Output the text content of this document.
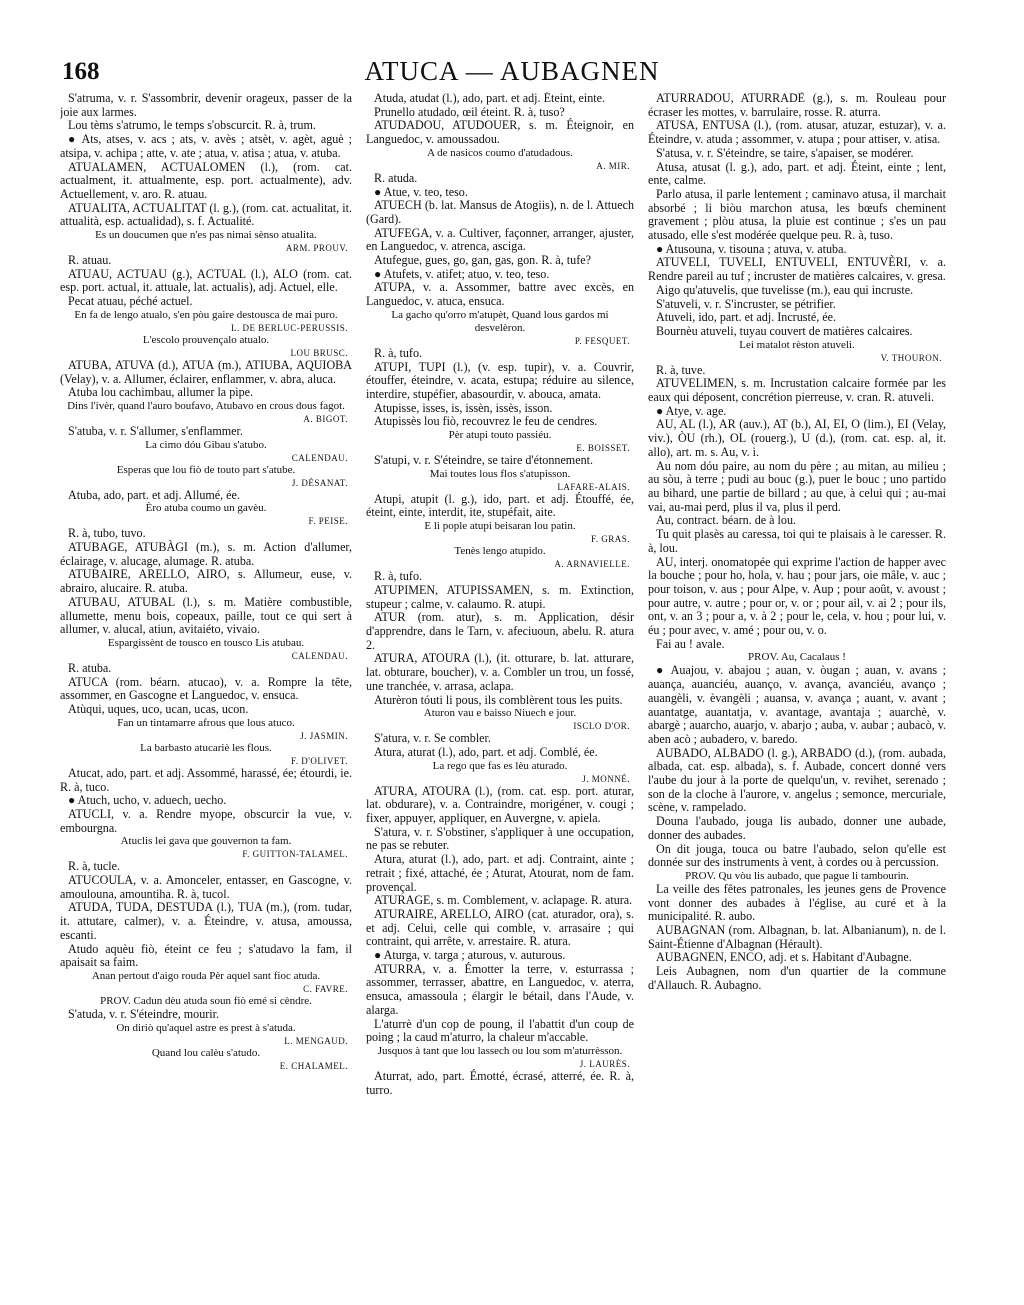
168	ATUCA — AUBAGNEN
S'atruma, v. r. S'assombrir, devenir orageux, passer de la joie aux larmes.
Lou tèms s'atrumo, le temps s'obscurcit. R. à, trum.
● Ats, atses, v. acs ; ats, v. avès ; atsèt, v. agèt, aguè ; atsipa, v. achipa ; atte, v. ate ; atua, v. atisa ; atua, v. atuba.
ATUALAMEN, ACTUALOMEN (l.), (rom. cat. actualment, it. attualmente, esp. port. actualmente), adv. Actuellement, v. aro. R. atuau.
ATUALITA, ACTUALITAT (l. g.), (rom. cat. actualitat, it. attualità, esp. actualidad), s. f. Actualité.
Es un doucumen que n'es pas nimai sènso atualita.
ARM. PROUV.
R. atuau.
ATUAU, ACTUAU (g.), ACTUAL (l.), ALO (rom. cat. esp. port. actual, it. attuale, lat. actualis), adj. Actuel, elle.
Pecat atuau, péché actuel.
En fa de lengo atualo, s'en pòu gaire destousca de mai puro.
L. DE BERLUC-PERUSSIS.
L'escolo prouvençalo atualo.
LOU BRUSC.
ATUBA, ATUVA (d.), ATUA (m.), ATIUBA, AQUIOBA (Velay), v. a. Allumer, éclairer, enflammer, v. abra, aluca.
Atuba lou cachimbau, allumer la pipe.
Dins l'ivèr, quand l'auro boufavo, Atubavo en crous dous fagot.
A. BIGOT.
S'atuba, v. r. S'allumer, s'enflammer.
La cimo dóu Gibau s'atubo.
CALENDAU.
Esperas que lou fiò de touto part s'atube.
J. DÉSANAT.
Atuba, ado, part. et adj. Allumé, ée.
Èro atuba coumo un gavèu.
F. PEISE.
R. à, tubo, tuvo.
ATUBAGE, ATUBÀGI (m.), s. m. Action d'allumer, éclairage, v. alucage, alumage. R. atuba.
ATUBAIRE, ARELLO, AIRO, s. Allumeur, euse, v. abrairo, alucaire. R. atuba.
ATUBAU, ATUBAL (l.), s. m. Matière combustible, allumette, menu bois, copeaux, paille, tout ce qui sert à allumer, v. alucal, atiun, avitaiéto, vivaio.
Espargissènt de tousco en tousco Lis atubau.
CALENDAU.
R. atuba.
ATUCA (rom. béarn. atucao), v. a. Rompre la tête, assommer, en Gascogne et Languedoc, v. ensuca.
Atùqui, uques, uco, ucan, ucas, ucon.
Fan un tintamarre afrous que lous atuco.
J. JASMIN.
La barbasto atucariè les flous.
F. D'OLIVET.
Atucat, ado, part. et adj. Assommé, harassé, ée; étourdi, ie. R. à, tuco.
● Atuch, ucho, v. aduech, uecho.
ATUCLI, v. a. Rendre myope, obscurcir la vue, v. embourgna.
Atuclis lei gava que gouvernon ta fam.
F. GUITTON-TALAMEL.
R. à, tucle.
ATUCOULA, v. a. Amonceler, entasser, en Gascogne, v. amoulouna, amountiha. R. à, tucol.
ATUDA, TUDA, DESTUDA (l.), TUA (m.), (rom. tudar, it. attutare, calmer), v. a. Éteindre, v. atusa, amoussa, escanti.
Atudo aquèu fiò, éteint ce feu ; s'atudavo la fam, il apaisait sa faim.
Anan pertout d'aigo rouda Pèr aquel sant fioc atuda.
C. FAVRE.
PROV. Cadun dèu atuda soun fiò emé si cèndre.
S'atuda, v. r. S'éteindre, mourir.
On diriò qu'aquel astre es prest à s'atuda.
L. MENGAUD.
Quand lou calèu s'atudo.
E. CHALAMEL.
Atuda, atudat (l.), ado, part. et adj. Éteint, einte.
Prunello atudado, œil éteint. R. à, tuso?
ATUDADOU, ATUDOUER, s. m. Éteignoir, en Languedoc, v. amoussadou.
A de nasicos coumo d'atudadous.
A. MIR.
R. atuda.
● Atue, v. teo, teso.
ATUECH (b. lat. Mansus de Atogiis), n. de l. Attuech (Gard).
ATUFEGA, v. a. Cultiver, façonner, arranger, ajuster, en Languedoc, v. atrenca, asciga.
Atufegue, gues, go, gan, gas, gon. R. à, tufe?
● Atufets, v. atifet; atuo, v. teo, teso.
ATUPA, v. a. Assommer, battre avec excès, en Languedoc, v. atuca, ensuca.
La gacho qu'orro m'atupèt, Quand lous gardos mi desvelèron.
P. FESQUET.
R. à, tufo.
ATUPI, TUPI (l.), (v. esp. tupir), v. a. Couvrir, étouffer, éteindre, v. acata, estupa; réduire au silence, interdire, stupéfier, abasourdir, v. abouca, amata.
Atupisse, isses, is, issèn, issès, isson.
Atupissès lou fiò, recouvrez le feu de cendres.
Pèr atupi touto passiéu.
E. BOISSET.
S'atupi, v. r. S'éteindre, se taire d'étonnement.
Mai toutes lous flos s'atupisson.
LAFARE-ALAIS.
Atupi, atupit (l. g.), ido, part. et adj. Étouffé, ée, éteint, einte, interdit, ite, stupéfait, aite.
E li pople atupi beisaran lou patin.
F. GRAS.
Tenès lengo atupido.
A. ARNAVIELLE.
R. à, tufo.
ATUPIMEN, ATUPISSAMEN, s. m. Extinction, stupeur ; calme, v. calaumo. R. atupi.
ATUR (rom. atur), s. m. Application, désir d'apprendre, dans le Tarn, v. afeciuoun, abelu. R. atura 2.
ATURA, ATOURA (l.), (it. otturare, b. lat. atturare, lat. obturare, boucher), v. a. Combler un trou, un fossé, une tranchée, v. arrasa, aclapa.
Aturèron tóuti li pous, ils comblèrent tous les puits.
Aturon vau e baisso Niuech e jour.
ISCLO D'OR.
S'atura, v. r. Se combler.
Atura, aturat (l.), ado, part. et adj. Comblé, ée.
La rego que fas es lèu aturado.
J. MONNÉ.
ATURA, ATOURA (l.), (rom. cat. esp. port. aturar, lat. obdurare), v. a. Contraindre, morigéner, v. cougi ; fixer, appuyer, appliquer, en Auvergne, v. apiela.
S'atura, v. r. S'obstiner, s'appliquer à une occupation, ne pas se rebuter.
Atura, aturat (l.), ado, part. et adj. Contraint, ainte ; retrait ; fixé, attaché, ée ; Aturat, Atourat, nom de fam. provençal.
ATURAGE, s. m. Comblement, v. aclapage. R. atura.
ATURAIRE, ARELLO, AIRO (cat. aturador, ora), s. et adj. Celui, celle qui comble, v. arrasaire ; qui contraint, qui arrête, v. arrestaire. R. atura.
● Aturga, v. targa ; aturous, v. auturous.
ATURRA, v. a. Émotter la terre, v. esturrassa ; assommer, terrasser, abattre, en Languedoc, v. aterra, ensuca, amassoula ; élargir le bétail, dans l'Aude, v. alarga.
L'aturrè d'un cop de poung, il l'abattit d'un coup de poing ; la caud m'aturro, la chaleur m'accable.
Jusquos à tant que lou lassech ou lou som m'aturrèsson.
J. LAURÈS.
Aturrat, ado, part. Émotté, écrasé, atterré, ée. R. à, turro.
ATURRADOU, ATURRADÈ (g.), s. m. Rouleau pour écraser les mottes, v. barrulaire, rosse. R. aturra.
ATUSA, ENTUSA (l.), (rom. atusar, atuzar, estuzar), v. a. Éteindre, v. atuda ; assommer, v. atupa ; pour attiser, v. atisa.
S'atusa, v. r. S'éteindre, se taire, s'apaiser, se modérer.
Atusa, atusat (l. g.), ado, part. et adj. Éteint, einte ; lent, ente, calme.
Parlo atusa, il parle lentement ; caminavo atusa, il marchait absorbé ; li biòu marchon atusa, les bœufs cheminent gravement ; plòu atusa, la pluie est continue ; s'es un pau atusado, elle s'est modérée quelque peu. R. à, tuso.
● Atusouna, v. tisouna ; atuva, v. atuba.
ATUVELI, TUVELI, ENTUVELI, ENTUVÈRI, v. a. Rendre pareil au tuf ; incruster de matières calcaires, v. gresa.
Aigo qu'atuvelis, que tuvelisse (m.), eau qui incruste.
S'atuveli, v. r. S'incruster, se pétrifier.
Atuveli, ido, part. et adj. Incrusté, ée.
Bournèu atuveli, tuyau couvert de matières calcaires.
Lei matalot rèston atuveli.
V. THOURON.
R. à, tuve.
ATUVELIMEN, s. m. Incrustation calcaire formée par les eaux qui déposent, concrétion pierreuse, v. cran. R. atuveli.
● Atye, v. age.
AU, AL (l.), AR (auv.), AT (b.), AI, EI, O (lim.), EI (Velay, viv.), ÒU (rh.), OL (rouerg.), U (d.), (rom. cat. esp. al, it. allo), art. m. s. Au, v. i.
Au nom dóu paire, au nom du père ; au mitan, au milieu ; au sòu, à terre ; pudi au bouc (g.), puer le bouc ; uno partido au bihard, une partie de billard ; au que, à celui qui ; au-mai vai, au-mai perd, plus il va, plus il perd.
Au, contract. béarn. de à lou.
Tu quit plasès au caressa, toi qui te plaisais à le caresser. R. à, lou.
AU, interj. onomatopée qui exprime l'action de happer avec la bouche ; pour ho, hola, v. hau ; pour jars, oie mâle, v. auc ; pour toison, v. aus ; pour Alpe, v. Aup ; pour août, v. avoust ; pour autre, v. autre ; pour or, v. or ; pour ail, v. ai 2 ; pour ils, ont, v. an 3 ; pour a, v. à 2 ; pour le, cela, v. hou ; pour lui, v. éu ; pour avec, v. amé ; pour ou, v. o.
Fai au ! avale.
PROV. Au, Cacalaus !
● Auajou, v. abajou ; auan, v. òugan ; auan, v. avans ; auança, auanciéu, auanço, v. avança, avanciéu, avanço ; auangèli, v. èvangèli ; auansa, v. avança ; auant, v. avant ; auantatge, auantatja, v. avantage, avantaja ; auarchè, v. abargè ; auarcho, auarjo, v. abarjo ; auba, v. aubar ; aubacò, v. aben acò ; aubadero, v. baredo.
AUBADO, ALBADO (l. g.), ARBADO (d.), (rom. aubada, albada, cat. esp. albada), s. f. Aubade, concert donné vers l'aube du jour à la porte de quelqu'un, v. revihet, serenado ; son de la cloche à l'aurore, v. angelus ; semonce, mercuriale, scène, v. rampelado.
Douna l'aubado, jouga lis aubado, donner une aubade, donner des aubades.
On dit jouga, touca ou batre l'aubado, selon qu'elle est donnée sur des instruments à vent, à cordes ou à percussion.
PROV. Qu vòu lis aubado, que pague li tambourin.
La veille des fêtes patronales, les jeunes gens de Provence vont donner des aubades à l'église, au curé et à la municipalité. R. aubo.
AUBAGNAN (rom. Albagnan, b. lat. Albanianum), n. de l. Saint-Étienne d'Albagnan (Hérault).
AUBAGNEN, ENCO, adj. et s. Habitant d'Aubagne.
Leis Aubagnen, nom d'un quartier de la commune d'Allauch. R. Aubagno.
